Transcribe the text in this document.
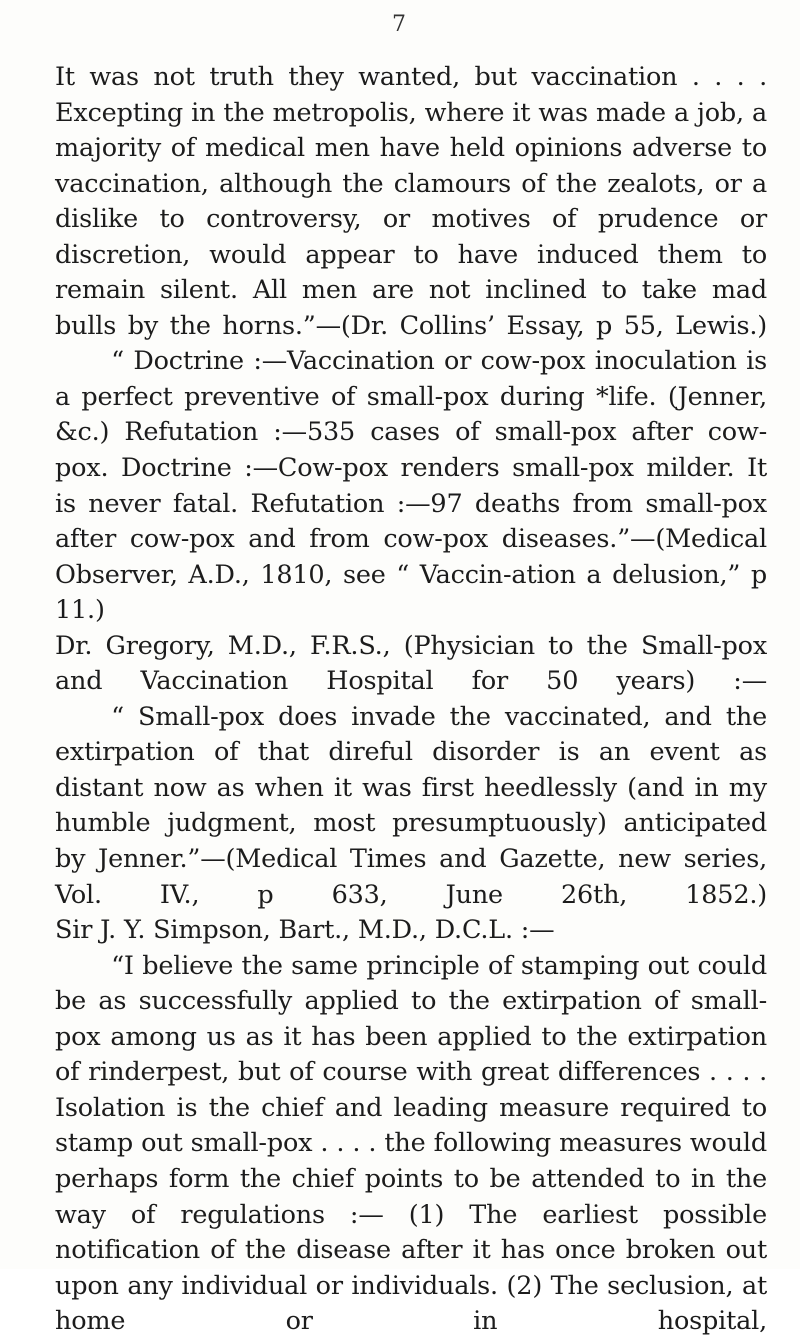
7

It was not truth they wanted, but vaccination . . . . Excepting in the metropolis, where it was made a job, a majority of medical men have held opinions adverse to vaccination, although the clamours of the zealots, or a dislike to controversy, or motives of prudence or discretion, would appear to have induced them to remain silent. All men are not inclined to take mad bulls by the horns.”—(Dr. Collins’ Essay, p 55, Lewis.)

“ Doctrine :—Vaccination or cow-pox inoculation is a perfect preventive of small-pox during *life. (Jenner, &c.) Refutation :—535 cases of small-pox after cow-pox. Doctrine :—Cow-pox renders small-pox milder. It is never fatal. Refutation :—97 deaths from small-pox after cow-pox and from cow-pox diseases.”—(Medical Observer, A.D., 1810, see “ Vaccin-ation a delusion,” p 11.)

Dr. Gregory, M.D., F.R.S., (Physician to the Small-pox and Vaccination Hospital for 50 years) :—

“ Small-pox does invade the vaccinated, and the extirpation of that direful disorder is an event as distant now as when it was first heedlessly (and in my humble judgment, most presumptuously) anticipated by Jenner.”—(Medical Times and Gazette, new series, Vol. IV., p 633, June 26th, 1852.)

Sir J. Y. Simpson, Bart., M.D., D.C.L. :—

“I believe the same principle of stamping out could be as successfully applied to the extirpation of small-pox among us as it has been applied to the extirpation of rinderpest, but of course with great differences . . . . Isolation is the chief and leading measure required to stamp out small-pox . . . . the following measures would perhaps form the chief points to be attended to in the way of regulations :— (1) The earliest possible notification of the disease after it has once broken out upon any individual or individuals. (2) The seclusion, at home or in hospital,
